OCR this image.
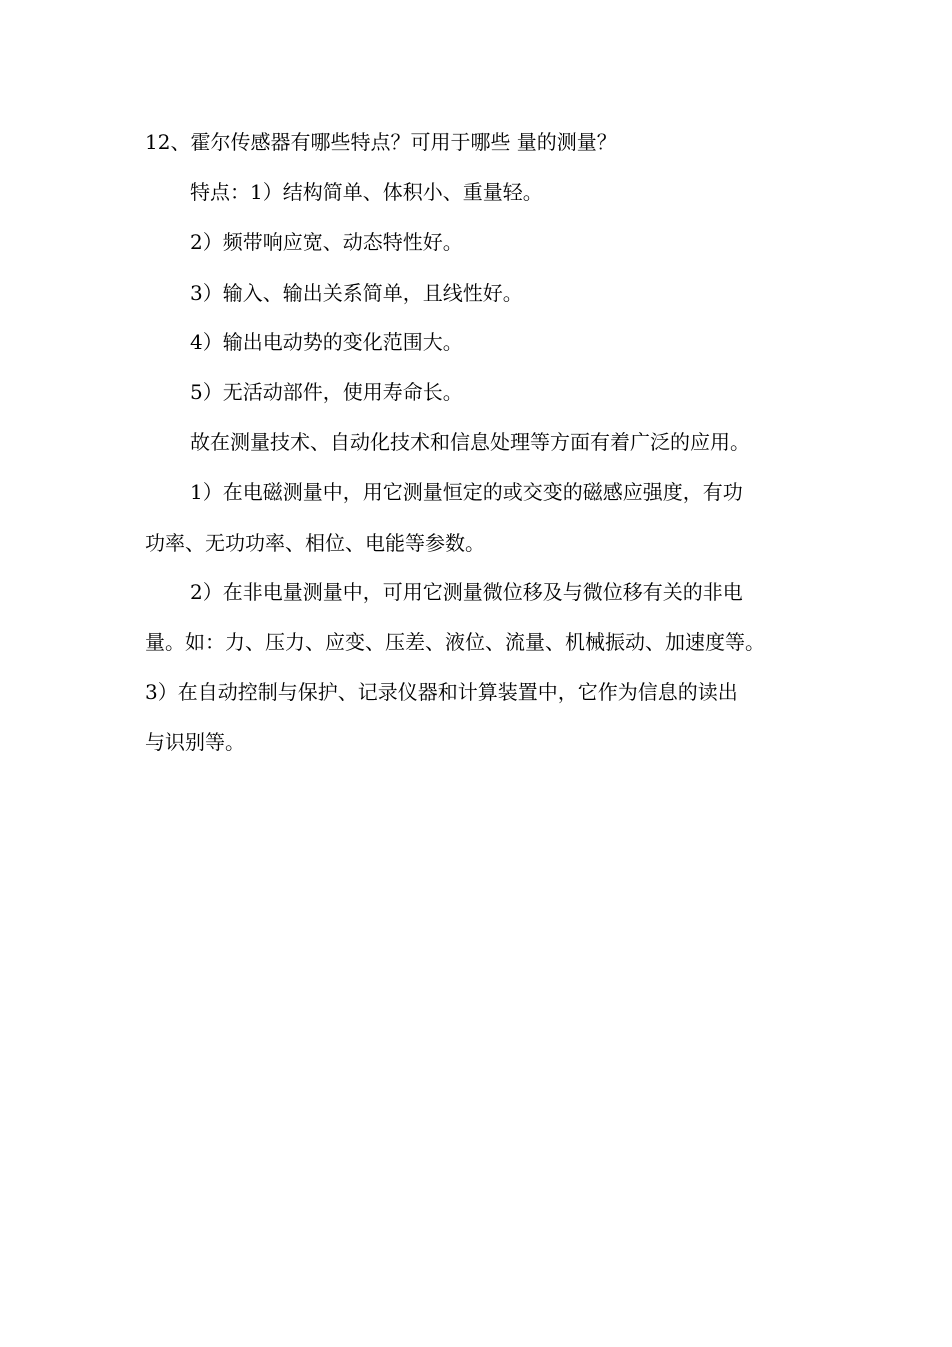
12、霍尔传感器有哪些特点？可用于哪些 量的测量？
特点：1）结构简单、体积小、重量轻。
2）频带响应宽、动态特性好。
3）输入、输出关系简单，且线性好。
4）输出电动势的变化范围大。
5）无活动部件，使用寿命长。
故在测量技术、自动化技术和信息处理等方面有着广泛的应用。
1）在电磁测量中，用它测量恒定的或交变的磁感应强度，有功
功率、无功功率、相位、电能等参数。
2）在非电量测量中，可用它测量微位移及与微位移有关的非电
量。如：力、压力、应变、压差、液位、流量、机械振动、加速度等。
3）在自动控制与保护、记录仪器和计算装置中，它作为信息的读出
与识别等。
